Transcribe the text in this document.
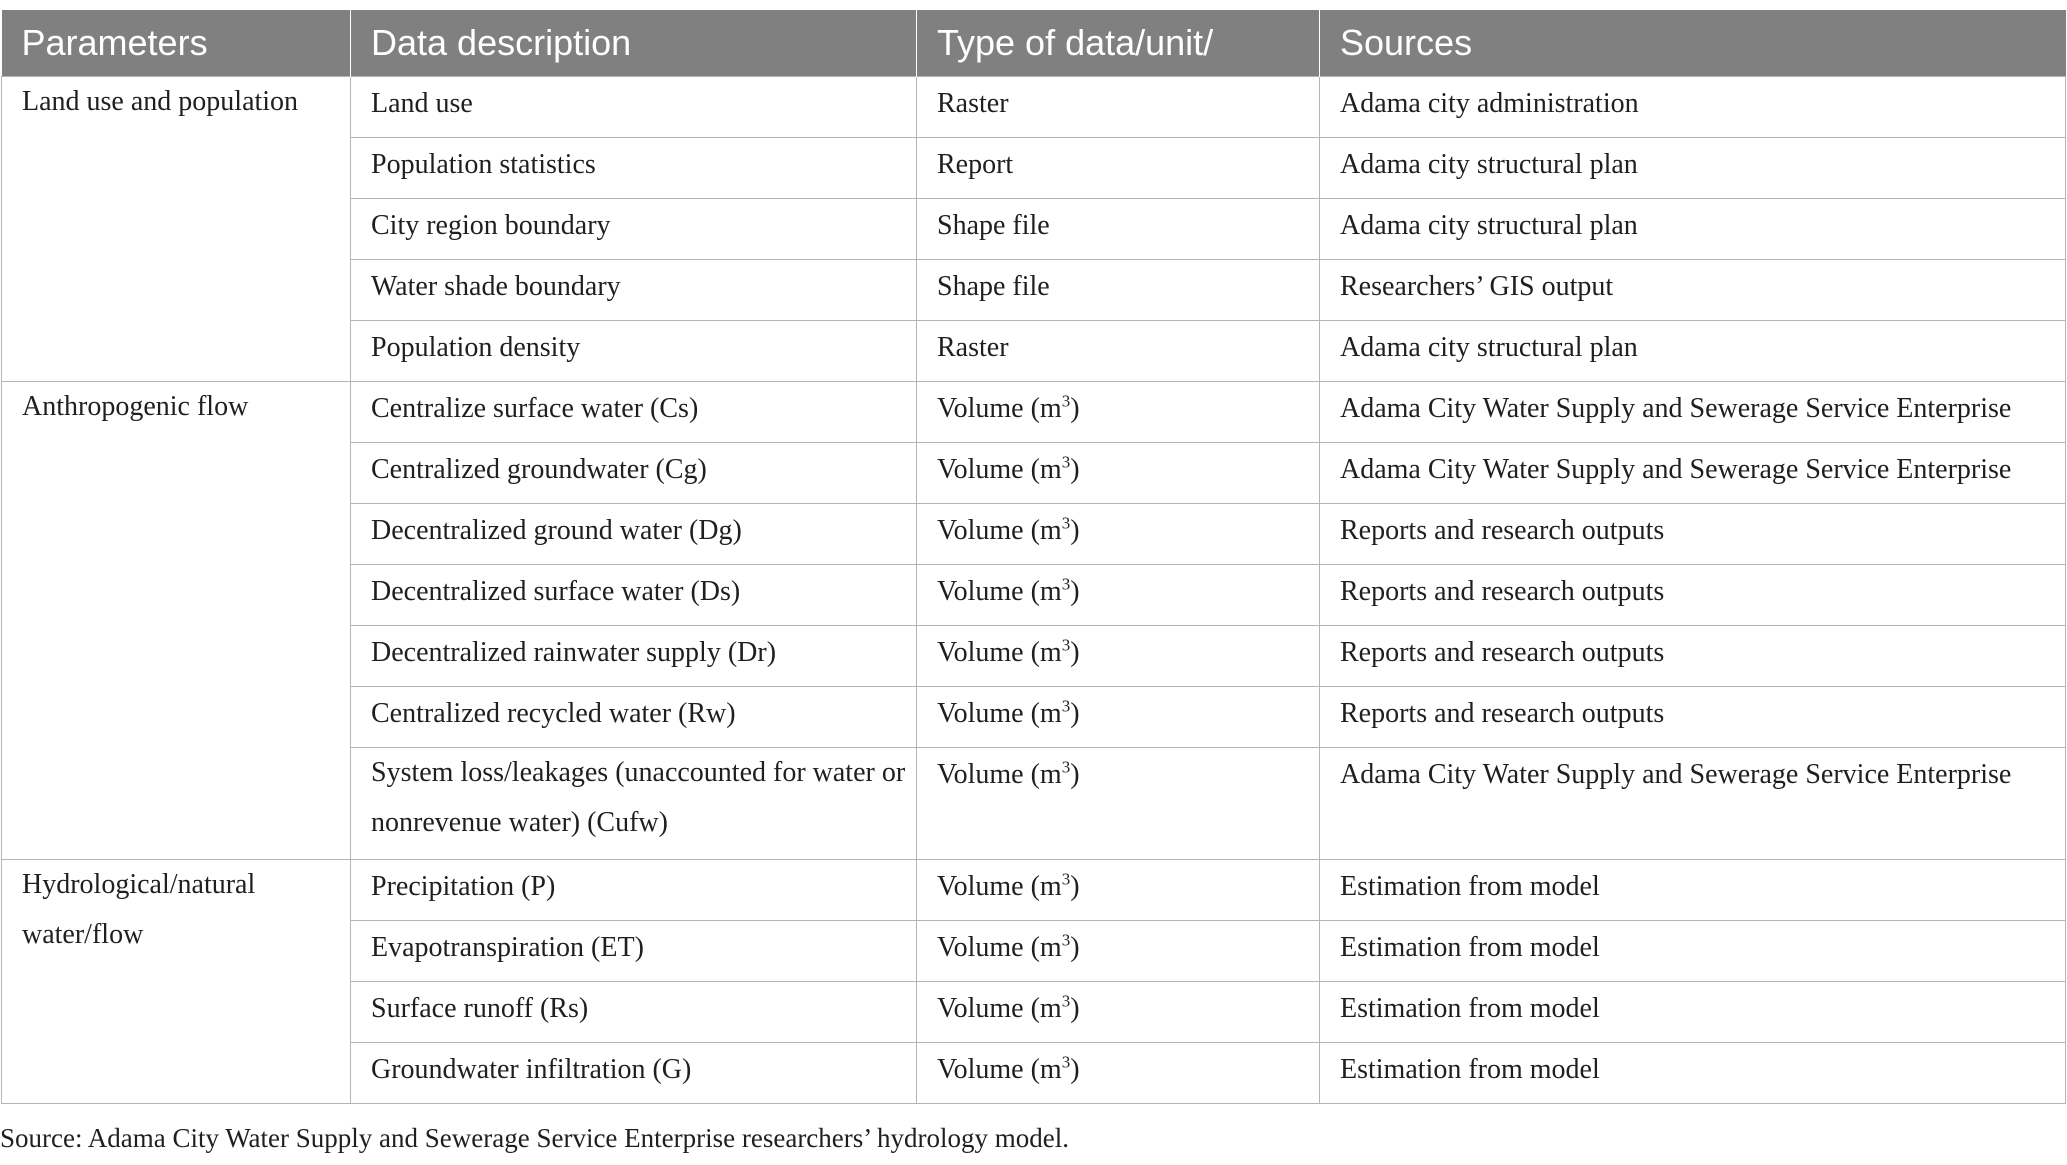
Parameters	Data description	Type of data/unit/	Sources
Land use and population	Land use	Raster	Adama city administration
	Population statistics	Report	Adama city structural plan
	City region boundary	Shape file	Adama city structural plan
	Water shade boundary	Shape file	Researchers’ GIS output
	Population density	Raster	Adama city structural plan
Anthropogenic flow	Centralize surface water (Cs)	Volume $(m^3)$	Adama City Water Supply and Sewerage Service Enterprise
	Centralized groundwater (Cg)	Volume $(m^3)$	Adama City Water Supply and Sewerage Service Enterprise
	Decentralized ground water (Dg)	Volume $(m^3)$	Reports and research outputs
	Decentralized surface water (Ds)	Volume $(m^3)$	Reports and research outputs
	Decentralized rainwater supply (Dr)	Volume $(m^3)$	Reports and research outputs
	Centralized recycled water (Rw)	Volume $(m^3)$	Reports and research outputs
	System loss/leakages (unaccounted for water or nonrevenue water) (Cufw)	Volume $(m^3)$	Adama City Water Supply and Sewerage Service Enterprise
Hydrological/natural water/flow	Precipitation (P)	Volume $(m^3)$	Estimation from model
	Evapotranspiration (ET)	Volume $(m^3)$	Estimation from model
	Surface runoff (Rs)	Volume $(m^3)$	Estimation from model
	Groundwater infiltration (G)	Volume $(m^3)$	Estimation from model

Source: Adama City Water Supply and Sewerage Service Enterprise researchers’ hydrology model.
